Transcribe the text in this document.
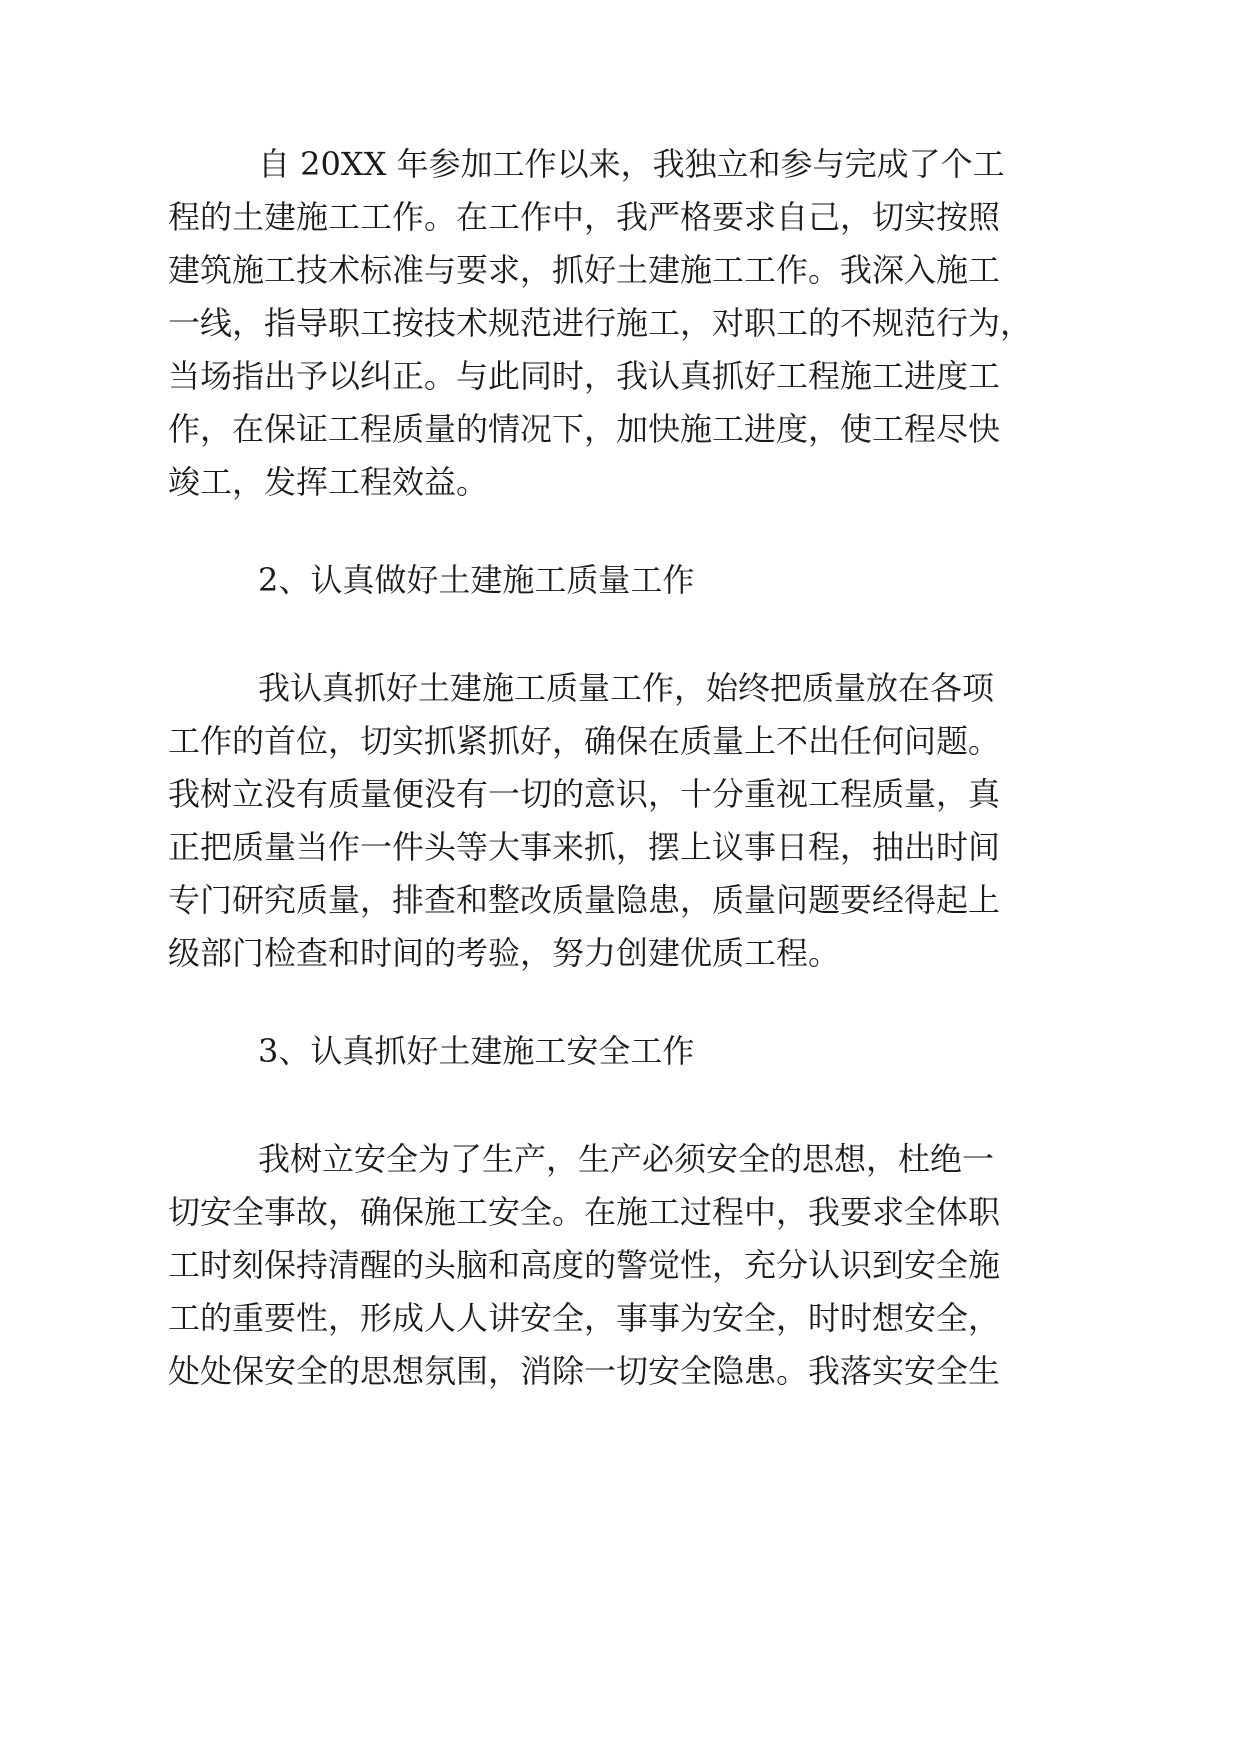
自 20XX 年参加工作以来，我独立和参与完成了个工
程的土建施工工作。在工作中，我严格要求自己，切实按照
建筑施工技术标准与要求，抓好土建施工工作。我深入施工
一线，指导职工按技术规范进行施工，对职工的不规范行为，
当场指出予以纠正。与此同时，我认真抓好工程施工进度工
作，在保证工程质量的情况下，加快施工进度，使工程尽快
竣工，发挥工程效益。
2、认真做好土建施工质量工作
我认真抓好土建施工质量工作，始终把质量放在各项
工作的首位，切实抓紧抓好，确保在质量上不出任何问题。
我树立没有质量便没有一切的意识，十分重视工程质量，真
正把质量当作一件头等大事来抓，摆上议事日程，抽出时间
专门研究质量，排查和整改质量隐患，质量问题要经得起上
级部门检查和时间的考验，努力创建优质工程。
3、认真抓好土建施工安全工作
我树立安全为了生产，生产必须安全的思想，杜绝一
切安全事故，确保施工安全。在施工过程中，我要求全体职
工时刻保持清醒的头脑和高度的警觉性，充分认识到安全施
工的重要性，形成人人讲安全，事事为安全，时时想安全，
处处保安全的思想氛围，消除一切安全隐患。我落实安全生
